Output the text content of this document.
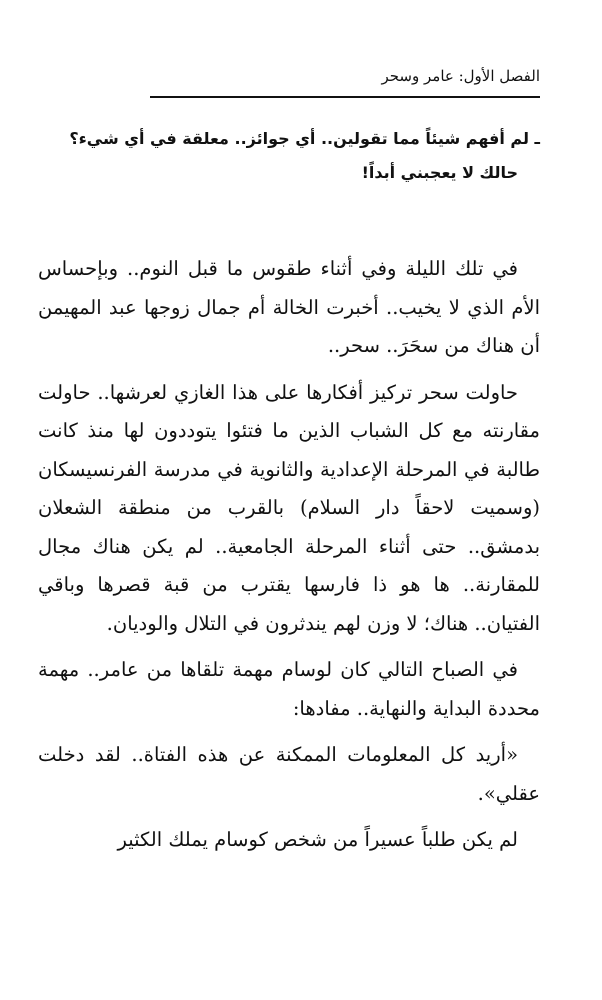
الفصل الأول: عامر وسحر
ـ لم أفهم شيئاً مما تقولين.. أي جوائز.. معلقة في أي شيء؟
حالك لا يعجبني أبداً!

في تلك الليلة وفي أثناء طقوس ما قبل النوم.. وبإحساس الأم الذي لا يخيب.. أخبرت الخالة أم جمال زوجها عبد المهيمن أن هناك من سحَرَ.. سحر..

حاولت سحر تركيز أفكارها على هذا الغازي لعرشها.. حاولت مقارنته مع كل الشباب الذين ما فتئوا يتوددون لها منذ كانت طالبة في المرحلة الإعدادية والثانوية في مدرسة الفرنسيسكان (وسميت لاحقاً دار السلام) بالقرب من منطقة الشعلان بدمشق.. حتى أثناء المرحلة الجامعية.. لم يكن هناك مجال للمقارنة.. ها هو ذا فارسها يقترب من قبة قصرها وباقي الفتيان.. هناك؛ لا وزن لهم يندثرون في التلال والوديان.

في الصباح التالي كان لوسام مهمة تلقاها من عامر.. مهمة محددة البداية والنهاية.. مفادها:

«أريد كل المعلومات الممكنة عن هذه الفتاة.. لقد دخلت عقلي».

لم يكن طلباً عسيراً من شخص كوسام يملك الكثير
